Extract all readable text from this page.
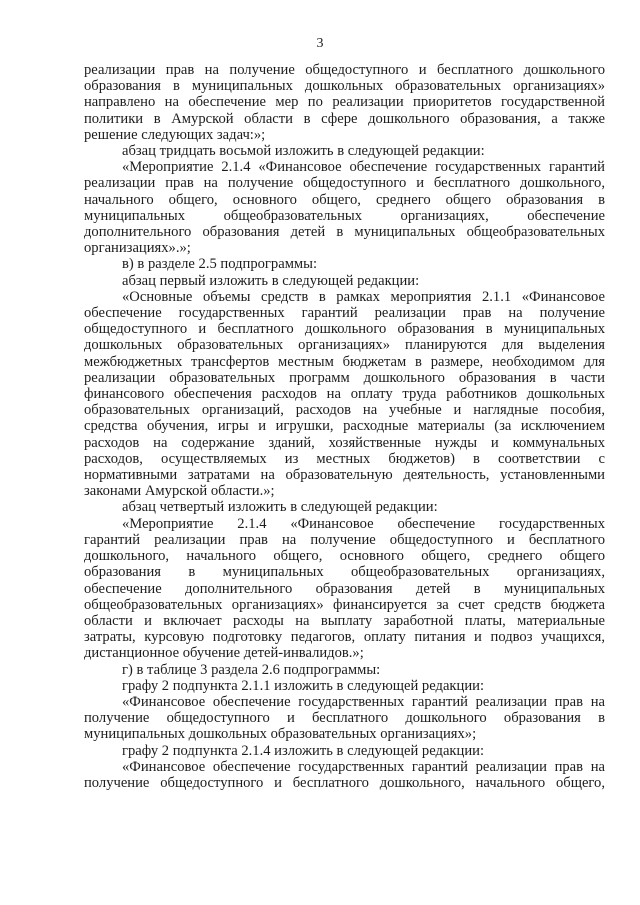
3
реализации прав на получение общедоступного и бесплатного дошкольного
образования в муниципальных дошкольных образовательных организациях»
направлено на обеспечение мер по реализации приоритетов государственной
политики в Амурской области в сфере дошкольного образования, а также
решение следующих задач:»;
абзац тридцать восьмой изложить в следующей редакции:
«Мероприятие 2.1.4 «Финансовое обеспечение государственных гарантий
реализации прав на получение общедоступного и бесплатного дошкольного,
начального общего, основного общего, среднего общего образования в
муниципальных общеобразовательных организациях, обеспечение
дополнительного образования детей в муниципальных общеобразовательных
организациях».»;
в) в разделе 2.5 подпрограммы:
абзац первый изложить в следующей редакции:
«Основные объемы средств в рамках мероприятия 2.1.1 «Финансовое
обеспечение государственных гарантий реализации прав на получение
общедоступного и бесплатного дошкольного образования в муниципальных
дошкольных образовательных организациях» планируются для выделения
межбюджетных трансфертов местным бюджетам в размере, необходимом для
реализации образовательных программ дошкольного образования в части
финансового обеспечения расходов на оплату труда работников дошкольных
образовательных организаций, расходов на учебные и наглядные пособия,
средства обучения, игры и игрушки, расходные материалы (за исключением
расходов на содержание зданий, хозяйственные нужды и коммунальных
расходов, осуществляемых из местных бюджетов) в соответствии с
нормативными затратами на образовательную деятельность, установленными
законами Амурской области.»;
абзац четвертый изложить в следующей редакции:
«Мероприятие 2.1.4 «Финансовое обеспечение государственных
гарантий реализации прав на получение общедоступного и бесплатного
дошкольного, начального общего, основного общего, среднего общего
образования в муниципальных общеобразовательных организациях,
обеспечение дополнительного образования детей в муниципальных
общеобразовательных организациях» финансируется за счет средств бюджета
области и включает расходы на выплату заработной платы, материальные
затраты, курсовую подготовку педагогов, оплату питания и подвоз учащихся,
дистанционное обучение детей-инвалидов.»;
г) в таблице 3 раздела 2.6 подпрограммы:
графу 2 подпункта 2.1.1 изложить в следующей редакции:
«Финансовое обеспечение государственных гарантий реализации прав на
получение общедоступного и бесплатного дошкольного образования в
муниципальных дошкольных образовательных организациях»;
графу 2 подпункта 2.1.4 изложить в следующей редакции:
«Финансовое обеспечение государственных гарантий реализации прав на
получение общедоступного и бесплатного дошкольного, начального общего,
